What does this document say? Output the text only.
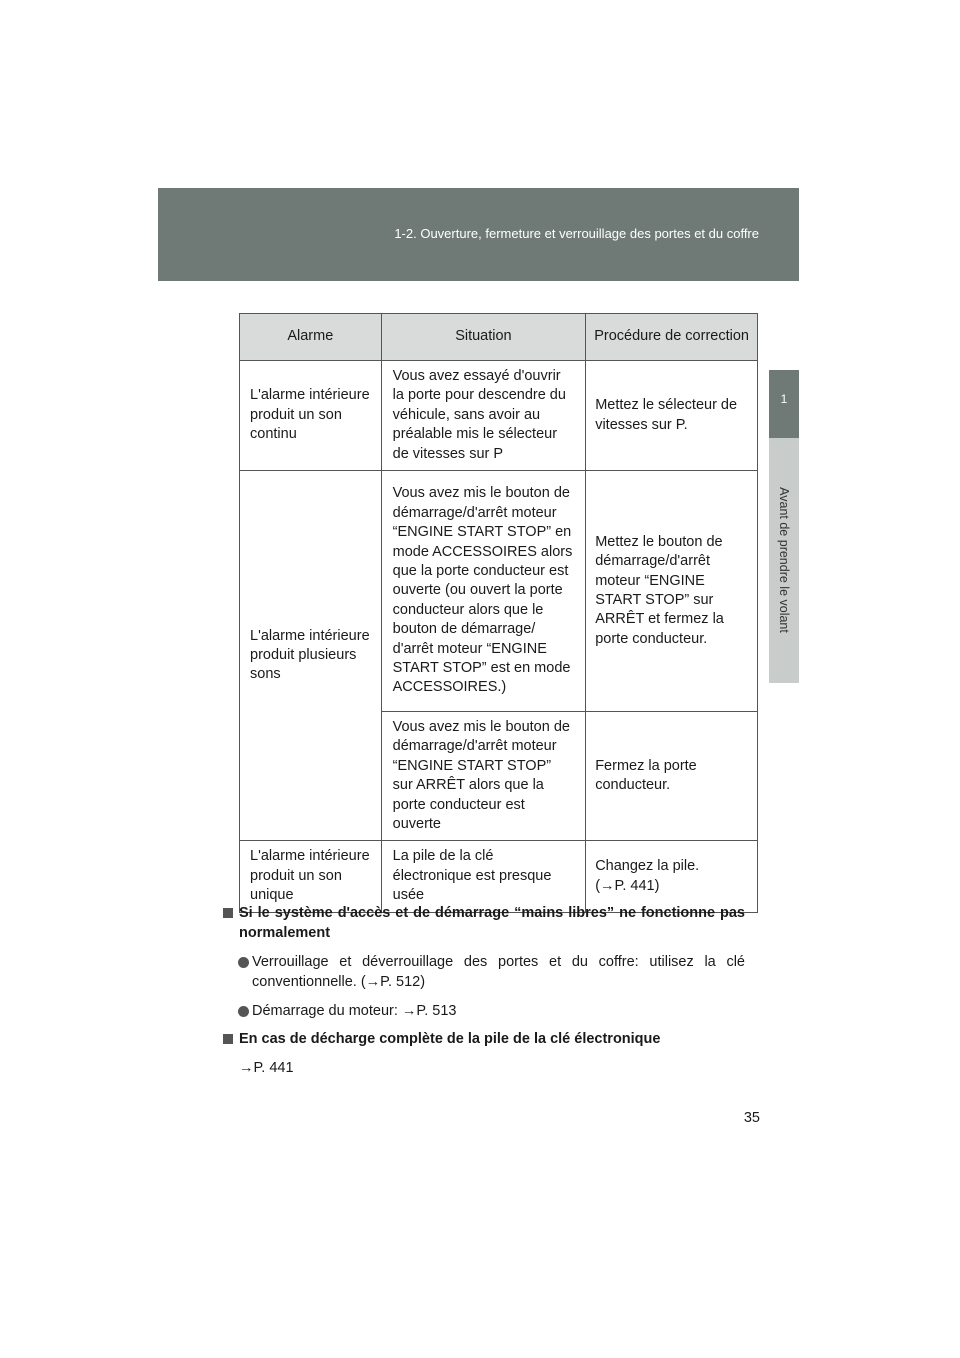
1-2. Ouverture, fermeture et verrouillage des portes et du coffre
1
Avant de prendre le volant
Alarme	Situation	Procédure de correction
L'alarme intérieure produit un son continu	Vous avez essayé d'ouvrir la porte pour descendre du véhicule, sans avoir au préalable mis le sélecteur de vitesses sur P	Mettez le sélecteur de vitesses sur P.
L'alarme intérieure produit plusieurs sons	Vous avez mis le bouton de démarrage/d'arrêt moteur “ENGINE START STOP” en mode ACCESSOIRES alors que la porte conducteur est ouverte (ou ouvert la porte conducteur alors que le bouton de démarrage/ d'arrêt moteur “ENGINE START STOP” est en mode ACCESSOIRES.)	Mettez le bouton de démarrage/d'arrêt moteur “ENGINE START STOP” sur ARRÊT et fermez la porte conducteur.
	Vous avez mis le bouton de démarrage/d'arrêt moteur “ENGINE START STOP” sur ARRÊT alors que la porte conducteur est ouverte	Fermez la porte conducteur.
L'alarme intérieure produit un son unique	La pile de la clé électronique est presque usée	Changez la pile.
(→P. 441)
Si le système d'accès et de démarrage “mains libres” ne fonctionne pas normalement
Verrouillage et déverrouillage des portes et du coffre: utilisez la clé conventionnelle. (→P. 512)
Démarrage du moteur: →P. 513
En cas de décharge complète de la pile de la clé électronique
→P. 441
35
